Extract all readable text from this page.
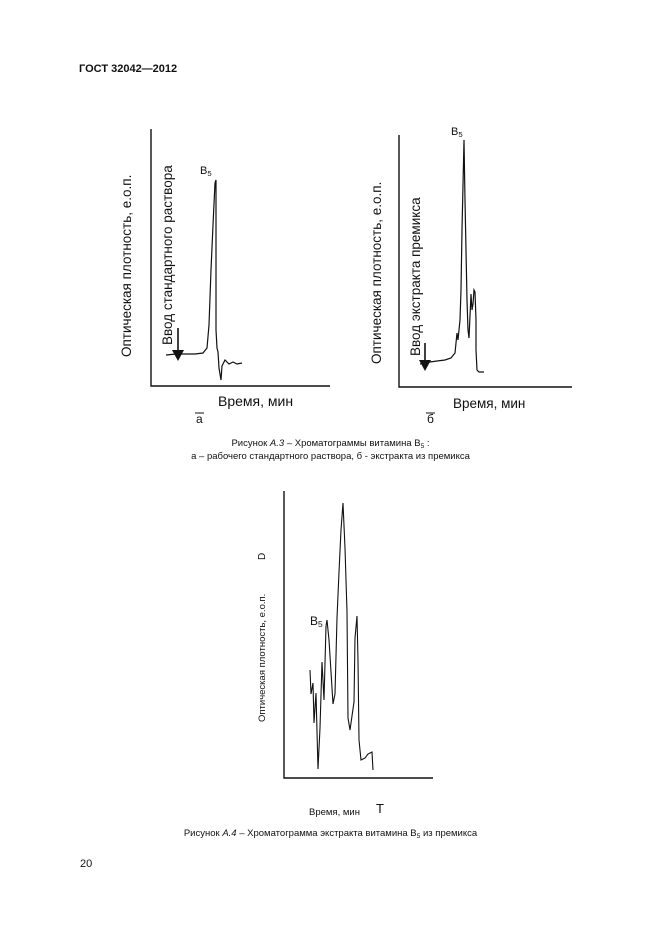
ГОСТ 32042—2012
Оптическая плотность, е.о.п. Ввод стандартного раствора $B_5$
Время, мин
а
Оптическая плотность, е.о.п. Ввод экстракта премикса
$B_5$
Время, мин
б
Рисунок А.3 – Хроматограммы витамина $B_5$ :
а – рабочего стандартного раствора, б - экстракта из премикса
Оптическая плотность, е.о.п.
D
$B_5$
Время, мин T
Рисунок А.4 – Хроматограмма экстракта витамина $B_5$ из премикса
20
